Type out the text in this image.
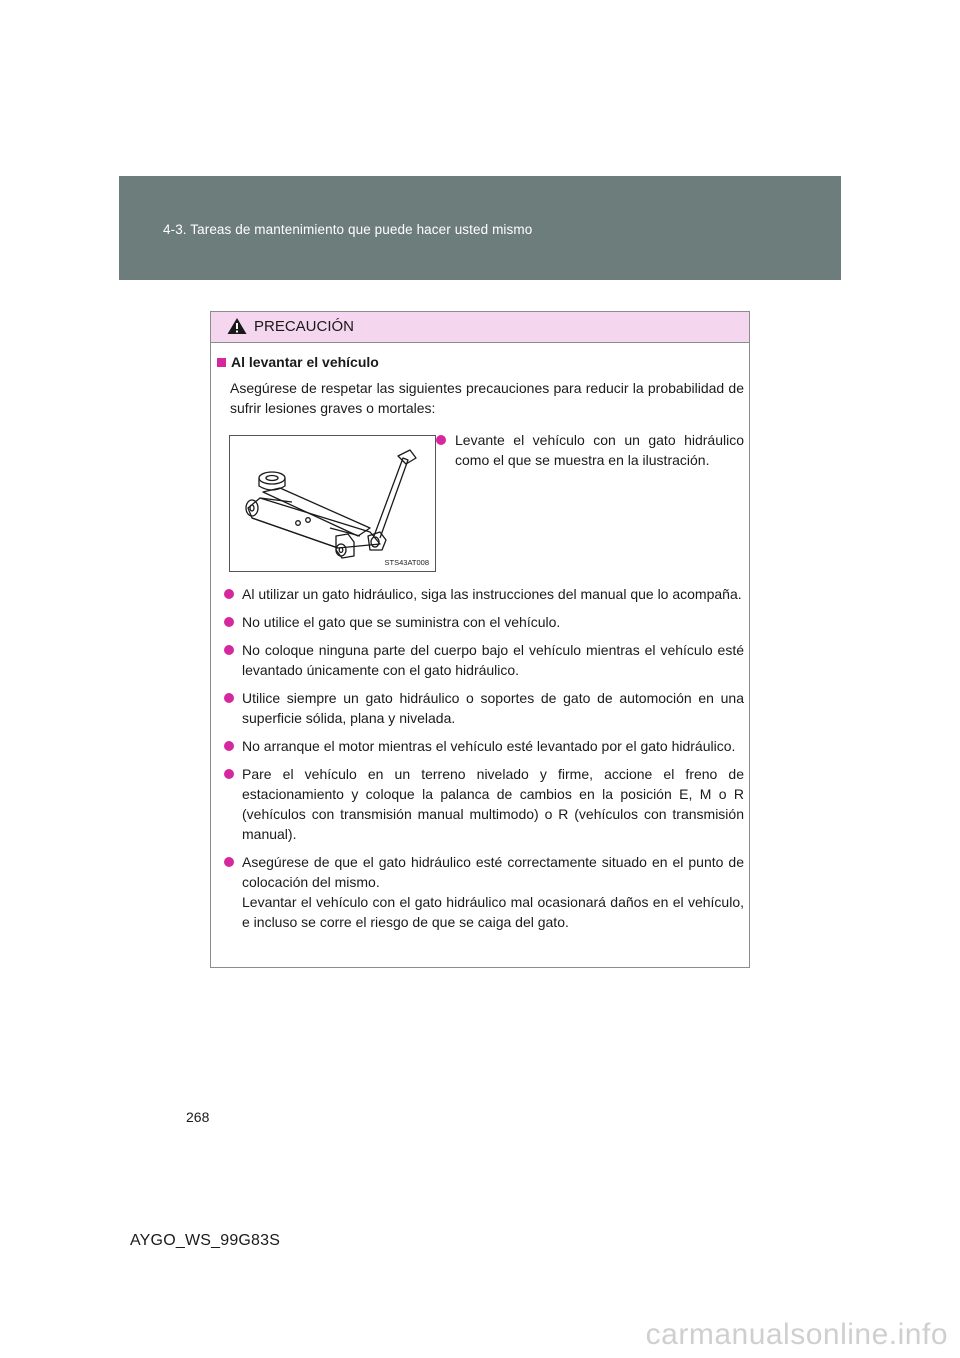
4-3. Tareas de mantenimiento que puede hacer usted mismo
PRECAUCIÓN
Al levantar el vehículo
Asegúrese de respetar las siguientes precauciones para reducir la probabilidad de sufrir lesiones graves o mortales:
STS43AT008
Levante el vehículo con un gato hidráulico como el que se muestra en la ilustración.
Al utilizar un gato hidráulico, siga las instrucciones del manual que lo acompaña.
No utilice el gato que se suministra con el vehículo.
No coloque ninguna parte del cuerpo bajo el vehículo mientras el vehículo esté levantado únicamente con el gato hidráulico.
Utilice siempre un gato hidráulico o soportes de gato de automoción en una superficie sólida, plana y nivelada.
No arranque el motor mientras el vehículo esté levantado por el gato hidráulico.
Pare el vehículo en un terreno nivelado y firme, accione el freno de estacionamiento y coloque la palanca de cambios en la posición E, M o R (vehículos con transmisión manual multimodo) o R (vehículos con transmisión manual).
Asegúrese de que el gato hidráulico esté correctamente situado en el punto de colocación del mismo.
Levantar el vehículo con el gato hidráulico mal ocasionará daños en el vehículo, e incluso se corre el riesgo de que se caiga del gato.
268
AYGO_WS_99G83S
carmanualsonline.info
